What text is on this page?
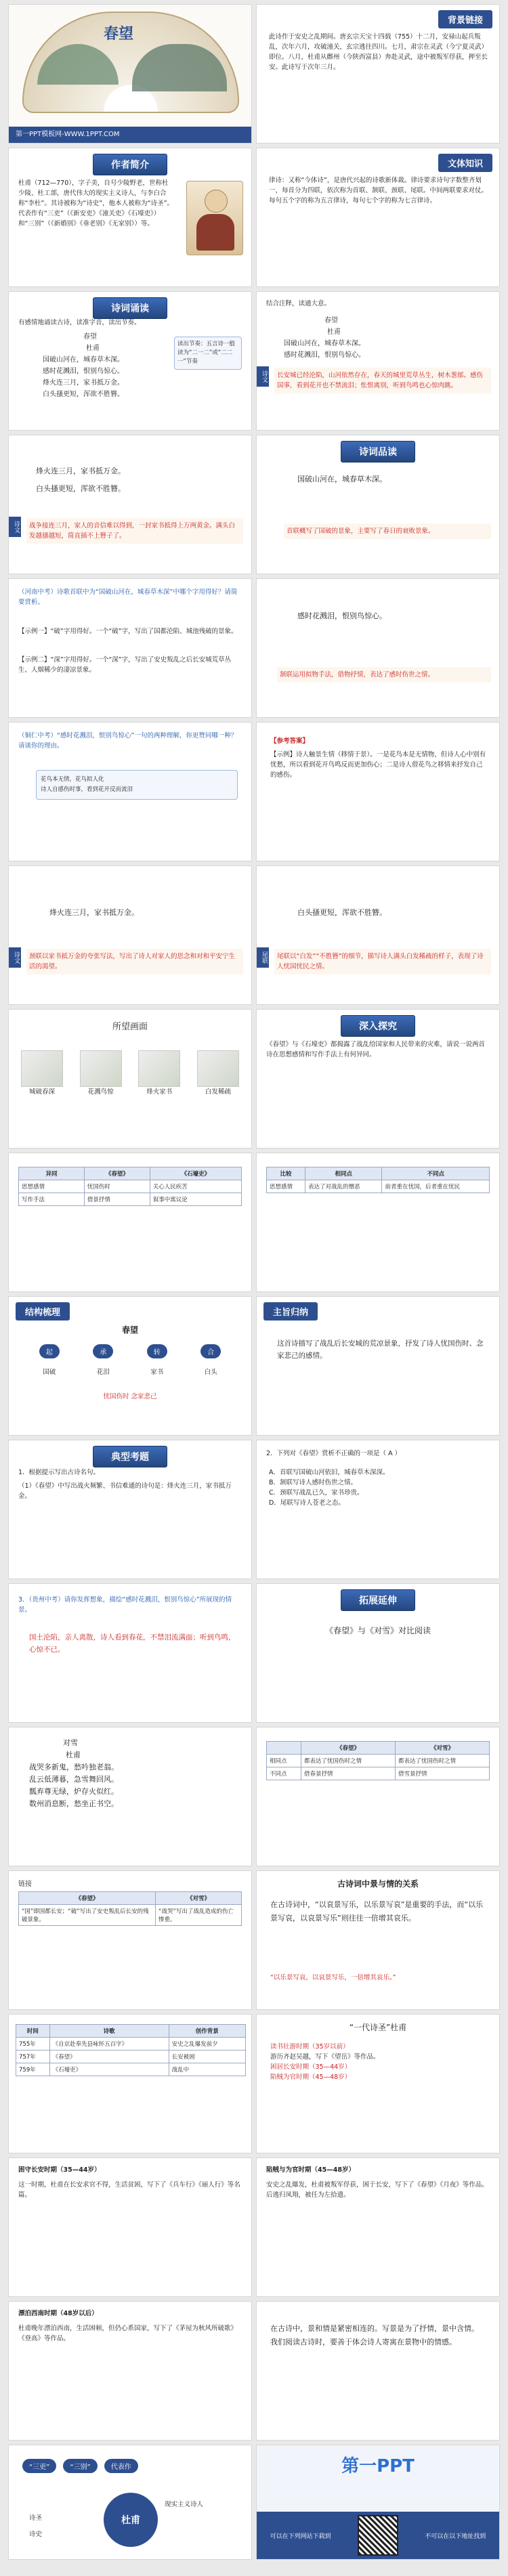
春望
第一PPT模板网-WWW.1PPT.COM
背景链接
此诗作于安史之乱期间。唐玄宗天宝十四载（755）十二月，安禄山起兵叛乱，次年六月，攻破潼关，玄宗逃往四川。七月，肃宗在灵武（今宁夏灵武）即位。八月，杜甫从鄜州（今陕西富县）奔赴灵武，途中被叛军俘获，押至长安。此诗写于次年三月。
作者简介
杜甫（712—770），字子美，自号少陵野老，世称杜少陵、杜工部，唐代伟大的现实主义诗人，与李白合称“李杜”。其诗被称为“诗史”，他本人被称为“诗圣”。代表作有“三吏”（《新安吏》《潼关吏》《石壕吏》）和“三别”（《新婚别》《垂老别》《无家别》）等。
文体知识
律诗：又称“今体诗”，是唐代兴起的诗歌新体裁。律诗要求诗句字数整齐划一，每首分为四联，依次称为首联、颔联、颈联、尾联。中间两联要求对仗。每句五个字的称为五言律诗，每句七个字的称为七言律诗。
诗词诵读
有感情地诵读古诗，读准字音，读出节奏。
春望
杜甫
国破山河在，城春草木深。
感时花溅泪，恨别鸟惊心。
烽火连三月，家书抵万金。
白头搔更短，浑欲不胜簪。
读出节奏：五言诗一般读为“二一二”或“二二一”节奏
结合注释，读通大意。
春望
杜甫
国破山河在，城春草木深。
感时花溅泪，恨别鸟惊心。
诗文	长安城已经沦陷，山河依然存在，春天的城里荒草丛生，树木葱郁。感伤国事，看到花开也不禁流泪；怅恨离别，听到鸟鸣也心惊肉跳。
烽火连三月，家书抵万金。
白头搔更短，浑欲不胜簪。
诗文	战争接连三月，家人的音信难以得到，一封家书抵得上万两黄金。满头白发越搔越短，简直插不上簪子了。
诗词品读
国破山河在，城春草木深。
首联概写了国破的景象，主要写了春日的衰败景象。
（河南中考）诗歌首联中为“国破山河在，城春草木深”中哪个字用得好？请简要赏析。
【示例一】“破”字用得好。一个“破”字，写出了国都沦陷、城池残破的景象。
【示例二】“深”字用得好。一个“深”字，写出了安史叛乱之后长安城荒草丛生、人烟稀少的凄凉景象。
感时花溅泪，恨别鸟惊心。
颔联运用拟物手法，借物抒情，表达了感时伤世之情。
（铜仁中考）“感时花溅泪，恨别鸟惊心”一句的两种理解，你更赞同哪一种？请谈你的理由。
花鸟本无情，花鸟拟人化
诗人自感伤时事，看到花开反而流泪
【参考答案】
【示例】诗人触景生情（移情于景）。一是花鸟本是无情物，但诗人心中别有忧愁，所以看到花开鸟鸣反而更加伤心；二是诗人借花鸟之移情来抒发自己的感伤。
烽火连三月，家书抵万金。
诗文	颈联以家书抵万金的夸张写法，写出了诗人对家人的思念和对和平安宁生活的渴望。
白头搔更短，浑欲不胜簪。
尾联	尾联以“白发”“不胜簪”的细节，描写诗人满头白发稀疏的样子，表现了诗人忧国忧民之情。
所望画面
城破春深	花溅鸟惊	烽火家书	白发稀疏
深入探究
《春望》与《石壕吏》都揭露了战乱给国家和人民带来的灾难，请说一说两首诗在思想感情和写作手法上有何异同。
异同	《春望》	《石壕吏》
思想感情	忧国伤时	关心人民疾苦
写作手法	借景抒情	叙事中寓议论
比较	相同点	不同点
思想感情	表达了对战乱的憎恶	前者重在忧国，后者重在忧民
结构梳理
春望
起	承	转	合
国破	花泪	家书	白头
忧国伤时 念家悲己
主旨归纳
这首诗描写了战乱后长安城的荒凉景象，抒发了诗人忧国伤时、念家悲己的感情。
典型考题
1．根据提示写出古诗名句。
（1）《春望》中写出战火频繁、书信难通的诗句是：烽火连三月，家书抵万金。
2．下列对《春望》赏析不正确的一项是（ A ）
A．首联写国破山河依旧，城春草木深深。
B．颔联写诗人感时伤世之情。
C．颈联写战乱已久，家书珍贵。
D．尾联写诗人苍老之态。
3．（贵州中考）请你发挥想象，描绘“感时花溅泪，恨别鸟惊心”所展现的情景。
国土沦陷，亲人离散，诗人看到春花，不禁泪流满面；听到鸟鸣，心惊不已。
拓展延伸
《春望》与《对雪》对比阅读
对雪
杜甫
战哭多新鬼，愁吟独老翁。
乱云低薄暮，急雪舞回风。
瓢弃尊无绿，炉存火似红。
数州消息断，愁坐正书空。
	《春望》	《对雪》
相同点	都表达了忧国伤时之情	都表达了忧国伤时之情
不同点	借春景抒情	借雪景抒情
链接
《春望》	《对雪》
“国”即国都长安；“破”写出了安史叛乱后长安的残破景象。	“战哭”写出了战乱造成的伤亡惨重。
古诗词中景与情的关系
在古诗词中，“以哀景写乐，以乐景写哀”是重要的手法，而“以乐景写哀，以哀景写乐”则往往一倍增其哀乐。
“以乐景写哀，以哀景写乐，一倍增其哀乐。”
时间	诗歌	创作背景
755年	《自京赴奉先县咏怀五百字》	安史之乱爆发前夕
757年	《春望》	长安被困
759年	《石壕吏》	战乱中
“一代诗圣”杜甫
读书壮游时期（35岁以前）
游历齐赵吴越，写下《望岳》等作品。
困居长安时期（35—44岁）
陷贼为官时期（45—48岁）
困守长安时期（35—44岁）
这一时期，杜甫在长安求官不得，生活贫困，写下了《兵车行》《丽人行》等名篇。
陷贼与为官时期（45—48岁）
安史之乱爆发，杜甫被叛军俘获，困于长安，写下了《春望》《月夜》等作品。后逃归凤翔，被任为左拾遗。
漂泊西南时期（48岁以后）
杜甫晚年漂泊西南，生活困顿，但仍心系国家，写下了《茅屋为秋风所破歌》《登高》等作品。
在古诗中，景和情是紧密相连的。写景是为了抒情，景中含情。我们阅读古诗时，要善于体会诗人寄寓在景物中的情感。
“三吏”	“三别”	代表作
杜甫
现实主义诗人
诗圣
诗史
第一PPT
可以在下列网站下载到	不可以在以下地址找到
